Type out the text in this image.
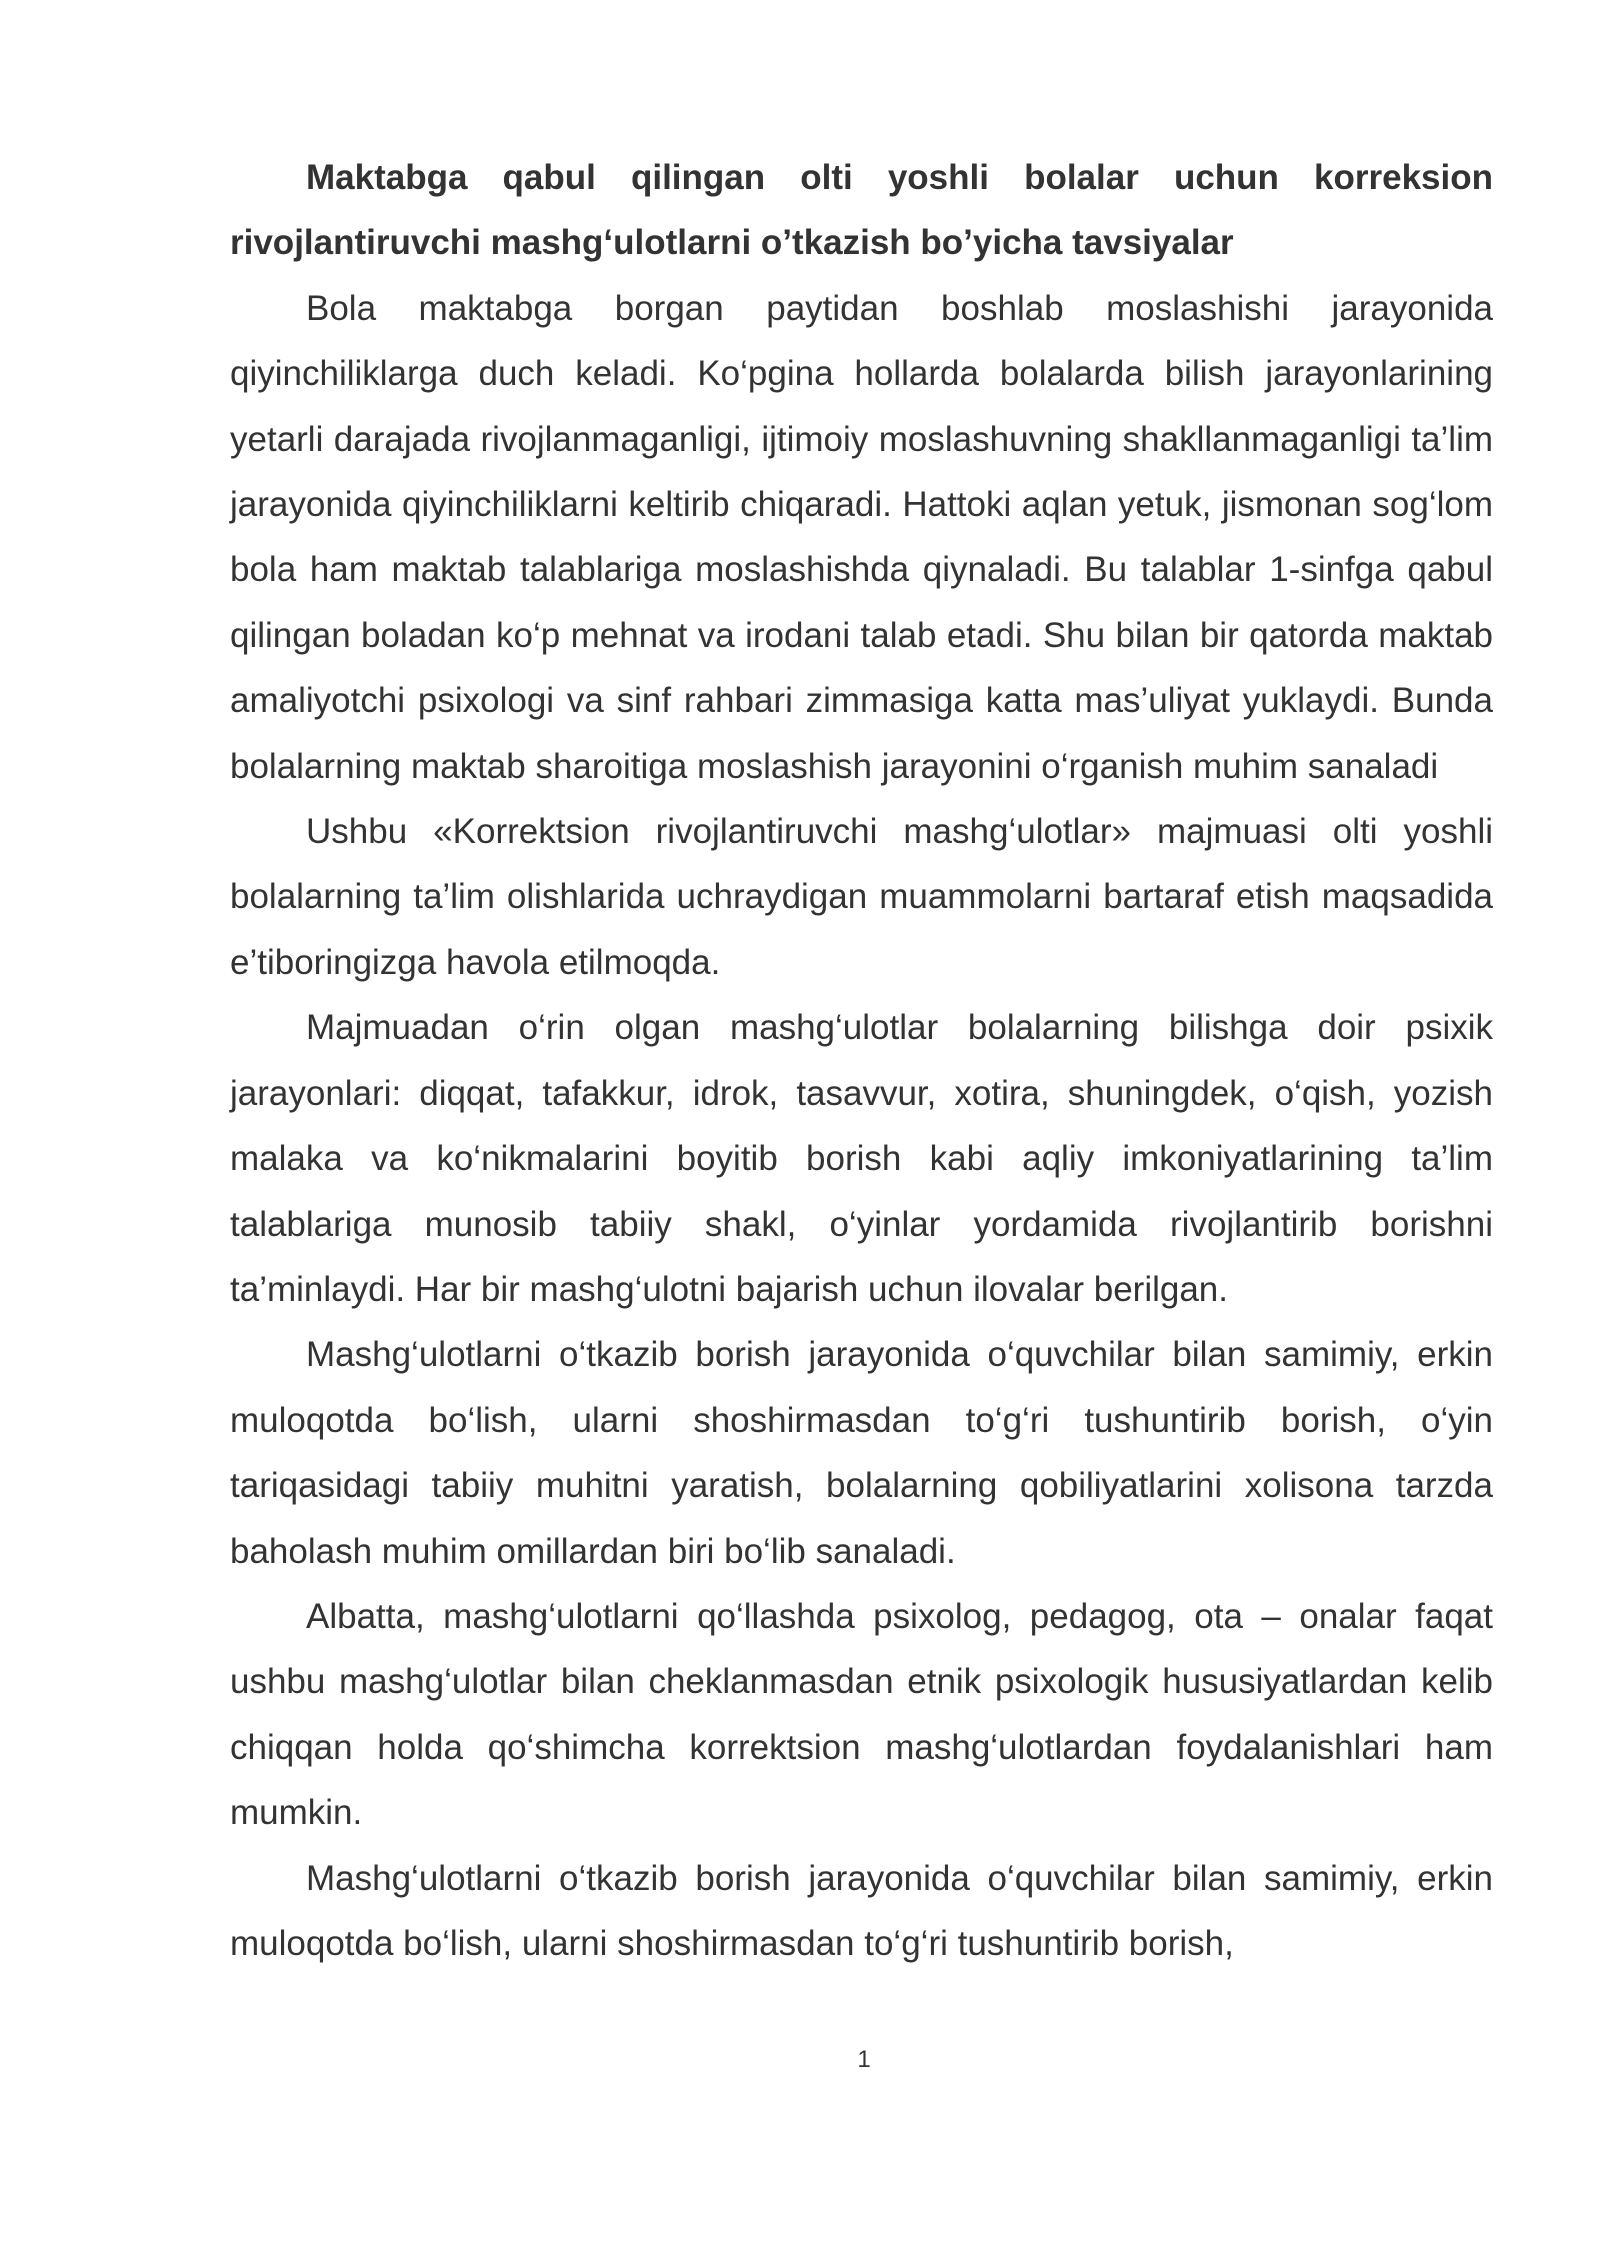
Maktabga qabul qilingan olti yoshli bolalar uchun korreksion rivojlantiruvchi mashg‘ulotlarni o’tkazish bo’yicha tavsiyalar

Bola maktabga borgan paytidan boshlab moslashishi jarayonida qiyinchiliklarga duch keladi. Ko‘pgina hollarda bolalarda bilish jarayonlarining yetarli darajada rivojlanmaganligi, ijtimoiy moslashuvning shakllanmaganligi ta’lim jarayonida qiyinchiliklarni keltirib chiqaradi. Hattoki aqlan yetuk, jismonan sog‘lom bola ham maktab talablariga moslashishda qiynaladi. Bu talablar 1-sinfga qabul qilingan boladan ko‘p mehnat va irodani talab etadi. Shu bilan bir qatorda maktab amaliyotchi psixologi va sinf rahbari zimmasiga katta mas’uliyat yuklaydi. Bunda bolalarning maktab sharoitiga moslashish jarayonini o‘rganish muhim sanaladi

Ushbu «Korrektsion rivojlantiruvchi mashg‘ulotlar» majmuasi olti yoshli bolalarning ta’lim olishlarida uchraydigan muammolarni bartaraf etish maqsadida e’tiboringizga havola etilmoqda.

Majmuadan o‘rin olgan mashg‘ulotlar bolalarning bilishga doir psixik jarayonlari: diqqat, tafakkur, idrok, tasavvur, xotira, shuningdek, o‘qish, yozish malaka va ko‘nikmalarini boyitib borish kabi aqliy imkoniyatlarining ta’lim talablariga munosib tabiiy shakl, o‘yinlar yordamida rivojlantirib borishni ta’minlaydi. Har bir mashg‘ulotni bajarish uchun ilovalar berilgan.

Mashg‘ulotlarni o‘tkazib borish jarayonida o‘quvchilar bilan samimiy, erkin muloqotda bo‘lish, ularni shoshirmasdan to‘g‘ri tushuntirib borish, o‘yin tariqasidagi tabiiy muhitni yaratish, bolalarning qobiliyatlarini xolisona tarzda baholash muhim omillardan biri bo‘lib sanaladi.

Albatta, mashg‘ulotlarni qo‘llashda psixolog, pedagog, ota – onalar faqat ushbu mashg‘ulotlar bilan cheklanmasdan etnik psixologik hususiyatlardan kelib chiqqan holda qo‘shimcha korrektsion mashg‘ulotlardan foydalanishlari ham mumkin.

Mashg‘ulotlarni o‘tkazib borish jarayonida o‘quvchilar bilan samimiy, erkin muloqotda bo‘lish, ularni shoshirmasdan to‘g‘ri tushuntirib borish,

1
